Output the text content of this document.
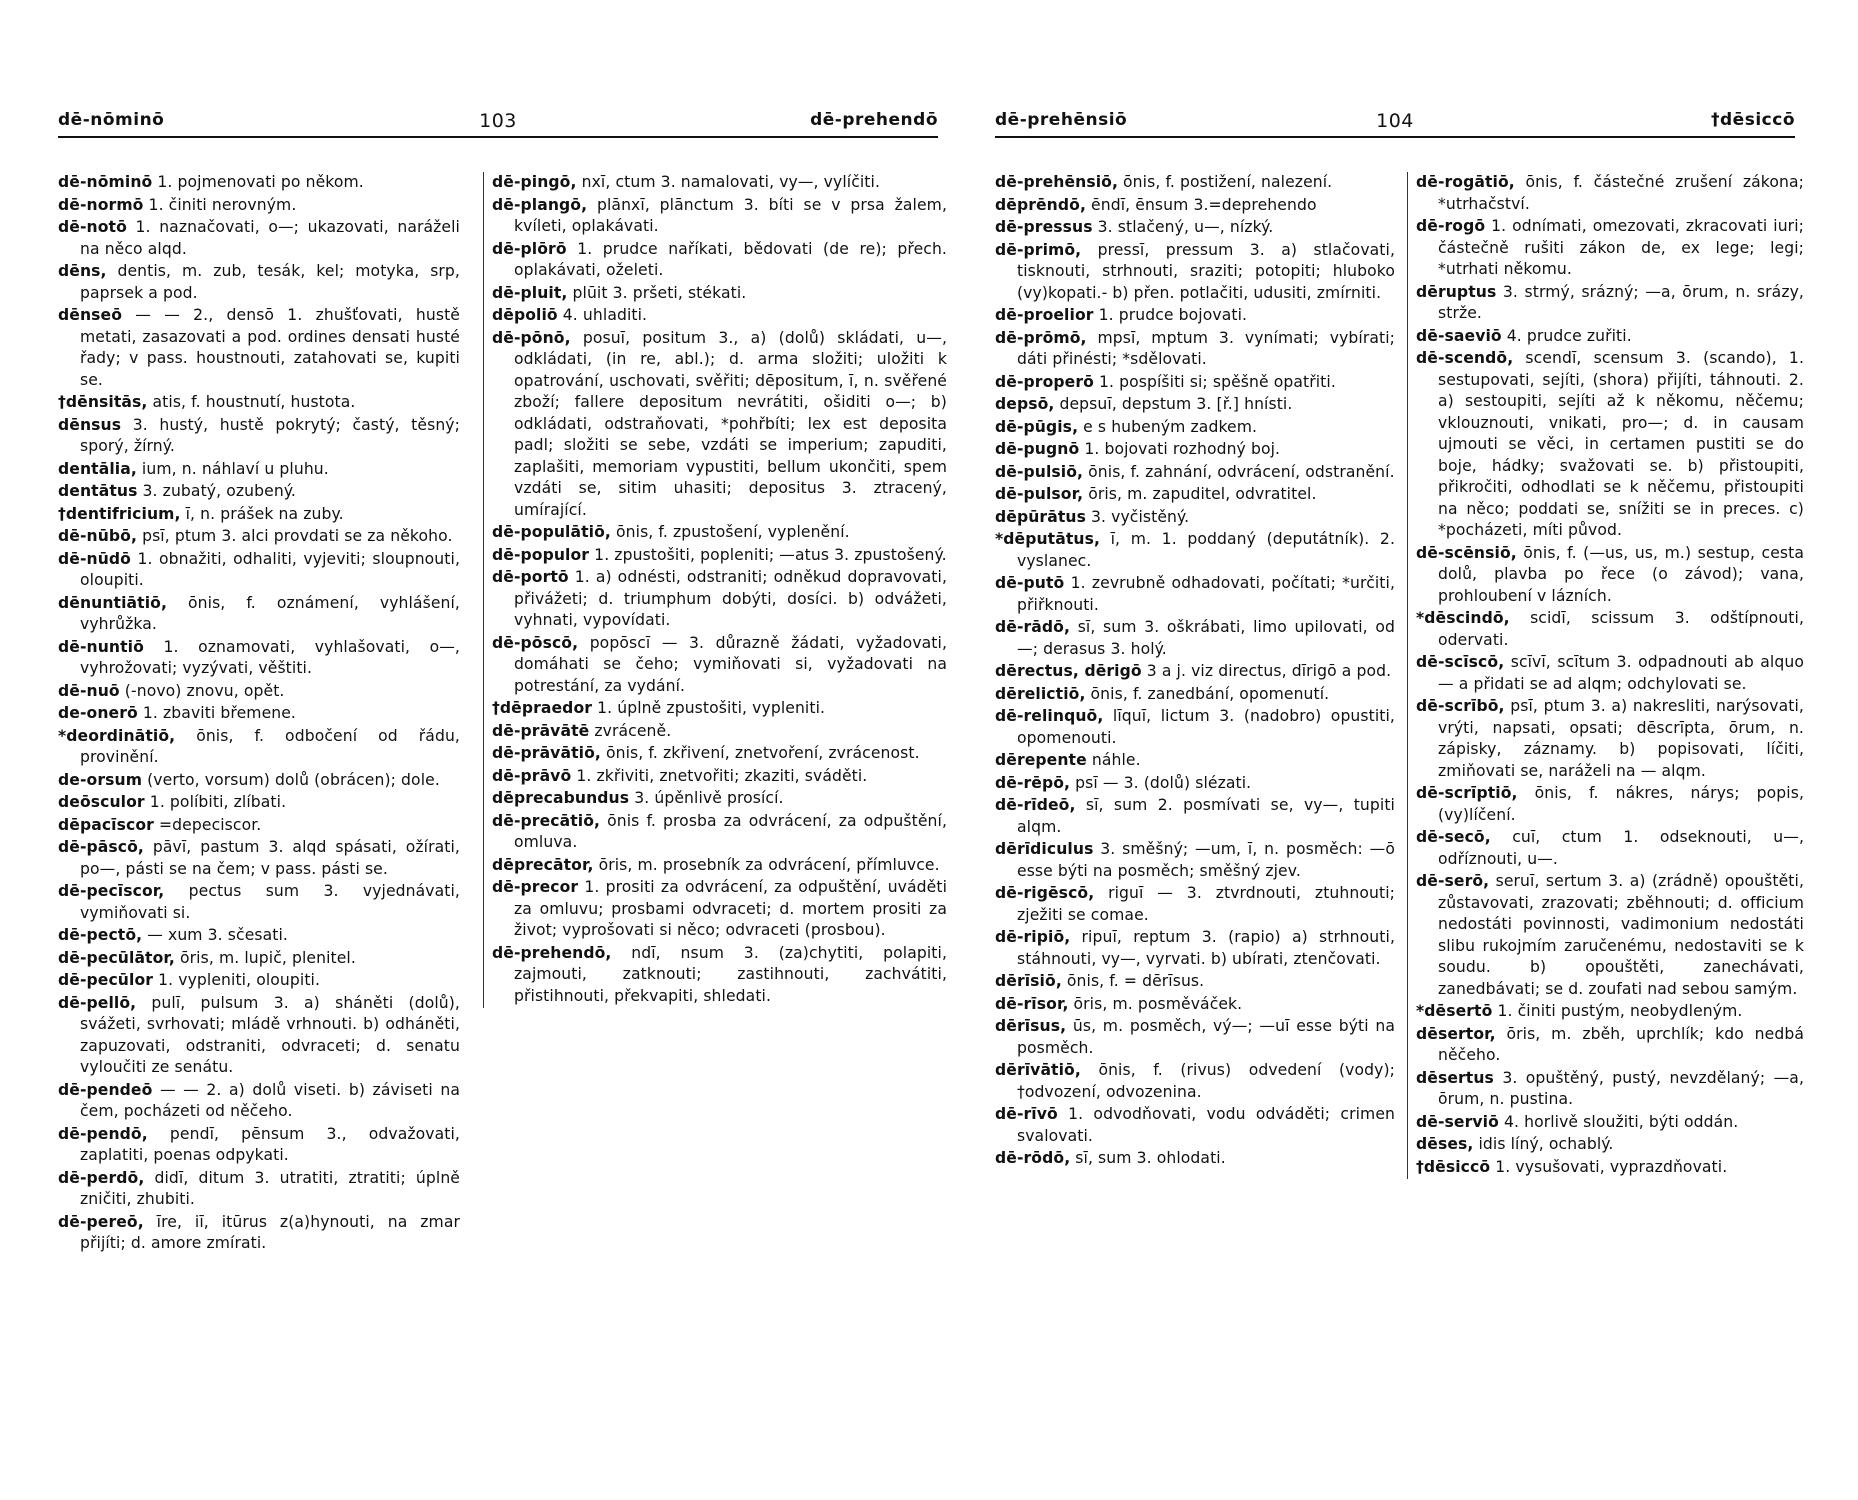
dē-nōminō	103	dē-prehendō
dē-nōminō 1. pojmenovati po někom.
dē-normō 1. činiti nerovným.
dē-notō 1. naznačovati, o—; ukazovati, naráželi na něco alqd.
dēns, dentis, m. zub, tesák, kel; motyka, srp, paprsek a pod.
dēnseō — — 2., densō 1. zhušťovati, hustě metati, zasazovati a pod. ordines densati husté řady; v pass. houstnouti, zatahovati se, kupiti se.
†dēnsitās, atis, f. houstnutí, hustota.
dēnsus 3. hustý, hustě pokrytý; častý, těsný; sporý, žírný.
dentālia, ium, n. náhlaví u pluhu.
dentātus 3. zubatý, ozubený.
†dentifricium, ī, n. prášek na zuby.
dē-nūbō, psī, ptum 3. alci provdati se za někoho.
dē-nūdō 1. obnažiti, odhaliti, vyjeviti; sloupnouti, oloupiti.
dēnuntiātiō, ōnis, f. oznámení, vyhlášení, vyhrůžka.
dē-nuntiō 1. oznamovati, vyhlašovati, o—, vyhrožovati; vyzývati, věštiti.
dē-nuō (-novo) znovu, opět.
de-onerō 1. zbaviti břemene.
*deordinātiō, ōnis, f. odbočení od řádu, provinění.
de-orsum (verto, vorsum) dolů (obrácen); dole.
deōsculor 1. políbiti, zlíbati.
dēpacīscor =depeciscor.
dē-pāscō, pāvī, pastum 3. alqd spásati, ožírati, po—, pásti se na čem; v pass. pásti se.
dē-pecīscor, pectus sum 3. vyjednávati, vymiňovati si.
dē-pectō, — xum 3. sčesati.
dē-pecūlātor, ōris, m. lupič, plenitel.
dē-pecūlor 1. vypleniti, oloupiti.
dē-pellō, pulī, pulsum 3. a) sháněti (dolů), svážeti, svrhovati; mládě vrhnouti. b) odháněti, zapuzovati, odstraniti, odvraceti; d. senatu vyloučiti ze senátu.
dē-pendeō — — 2. a) dolů viseti. b) záviseti na čem, pocházeti od něčeho.
dē-pendō, pendī, pēnsum 3., odvažovati, zaplatiti, poenas odpykati.
dē-perdō, didī, ditum 3. utratiti, ztratiti; úplně zničiti, zhubiti.
dē-pereō, īre, iī, itūrus z(a)hynouti, na zmar přijíti; d. amore zmírati.
dē-pingō, nxī, ctum 3. namalovati, vy—, vylíčiti.
dē-plangō, plānxī, plānctum 3. bíti se v prsa žalem, kvíleti, oplakávati.
dē-plōrō 1. prudce naříkati, bědovati (de re); přech. oplakávati, oželeti.
dē-pluit, plūit 3. pršeti, stékati.
dēpoliō 4. uhladiti.
dē-pōnō, posuī, positum 3., a) (dolů) skládati, u—, odkládati, (in re, abl.); d. arma složiti; uložiti k opatrování, uschovati, svěřiti; dēpositum, ī, n. svěřené zboží; fallere depositum nevrátiti, ošiditi o—; b) odkládati, odstraňovati, *pohřbíti; lex est deposita padl; složiti se sebe, vzdáti se imperium; zapuditi, zaplašiti, memoriam vypustiti, bellum ukončiti, spem vzdáti se, sitim uhasiti; depositus 3. ztracený, umírající.
dē-populātiō, ōnis, f. zpustošení, vyplenění.
dē-populor 1. zpustošiti, popleniti; —atus 3. zpustošený.
dē-portō 1. a) odnésti, odstraniti; odněkud dopravovati, přivážeti; d. triumphum dobýti, dosíci. b) odvážeti, vyhnati, vypovídati.
dē-pōscō, popōscī — 3. důrazně žádati, vyžadovati, domáhati se čeho; vymiňovati si, vyžadovati na potrestání, za vydání.
†dēpraedor 1. úplně zpustošiti, vypleniti.
dē-prāvātē zvráceně.
dē-prāvātiō, ōnis, f. zkřivení, znetvoření, zvrácenost.
dē-prāvō 1. zkřiviti, znetvořiti; zkaziti, sváděti.
dēprecabundus 3. úpěnlivě prosící.
dē-precātiō, ōnis f. prosba za odvrácení, za odpuštění, omluva.
dēprecātor, ōris, m. prosebník za odvrácení, přímluvce.
dē-precor 1. prositi za odvrácení, za odpuštění, uváděti za omluvu; prosbami odvraceti; d. mortem prositi za život; vyprošovati si něco; odvraceti (prosbou).
dē-prehendō, ndī, nsum 3. (za)chytiti, polapiti, zajmouti, zatknouti; zastihnouti, zachvátiti, přistihnouti, překvapiti, shledati.
dē-prehēnsiō	104	†dēsiccō
dē-prehēnsiō, ōnis, f. postižení, nalezení.
dēprēndō, ēndī, ēnsum 3.=deprehendo
dē-pressus 3. stlačený, u—, nízký.
dē-primō, pressī, pressum 3. a) stlačovati, tisknouti, strhnouti, sraziti; potopiti; hluboko (vy)kopati.- b) přen. potlačiti, udusiti, zmírniti.
dē-proelior 1. prudce bojovati.
dē-prōmō, mpsī, mptum 3. vynímati; vybírati; dáti přinésti; *sdělovati.
dē-properō 1. pospíšiti si; spěšně opatřiti.
depsō, depsuī, depstum 3. [ř.] hnísti.
dē-pūgis, e s hubeným zadkem.
dē-pugnō 1. bojovati rozhodný boj.
dē-pulsiō, ōnis, f. zahnání, odvrácení, odstranění.
dē-pulsor, ōris, m. zapuditel, odvratitel.
dēpūrātus 3. vyčistěný.
*dēputātus, ī, m. 1. poddaný (deputátník). 2. vyslanec.
dē-putō 1. zevrubně odhadovati, počítati; *určiti, přiřknouti.
dē-rādō, sī, sum 3. oškrábati, limo upilovati, od—; derasus 3. holý.
dērectus, dērigō 3 a j. viz directus, dīrigō a pod.
dērelictiō, ōnis, f. zanedbání, opomenutí.
dē-relinquō, līquī, lictum 3. (nadobro) opustiti, opomenouti.
dērepente náhle.
dē-rēpō, psī — 3. (dolů) slézati.
dē-rīdeō, sī, sum 2. posmívati se, vy—, tupiti alqm.
dērīdiculus 3. směšný; —um, ī, n. posměch: —ō esse býti na posměch; směšný zjev.
dē-rigēscō, riguī — 3. ztvrdnouti, ztuhnouti; zježiti se comae.
dē-ripiō, ripuī, reptum 3. (rapio) a) strhnouti, stáhnouti, vy—, vyrvati. b) ubírati, ztenčovati.
dērīsiō, ōnis, f. = dērīsus.
dē-rīsor, ōris, m. posměváček.
dērīsus, ūs, m. posměch, vý—; —uī esse býti na posměch.
dērīvātiō, ōnis, f. (rivus) odvedení (vody); †odvození, odvozenina.
dē-rīvō 1. odvodňovati, vodu odváděti; crimen svalovati.
dē-rōdō, sī, sum 3. ohlodati.
dē-rogātiō, ōnis, f. částečné zrušení zákona; *utrhačství.
dē-rogō 1. odnímati, omezovati, zkracovati iuri; částečně rušiti zákon de, ex lege; legi; *utrhati někomu.
dēruptus 3. strmý, srázný; —a, ōrum, n. srázy, strže.
dē-saeviō 4. prudce zuřiti.
dē-scendō, scendī, scensum 3. (scando), 1. sestupovati, sejíti, (shora) přijíti, táhnouti. 2. a) sestoupiti, sejíti až k někomu, něčemu; vklouznouti, vnikati, pro—; d. in causam ujmouti se věci, in certamen pustiti se do boje, hádky; svažovati se. b) přistoupiti, přikročiti, odhodlati se k něčemu, přistoupiti na něco; poddati se, snížiti se in preces. c) *pocházeti, míti původ.
dē-scēnsiō, ōnis, f. (—us, us, m.) sestup, cesta dolů, plavba po řece (o závod); vana, prohloubení v lázních.
*dēscindō, scidī, scissum 3. odštípnouti, odervati.
dē-scīscō, scīvī, scītum 3. odpadnouti ab alquo — a přidati se ad alqm; odchylovati se.
dē-scrībō, psī, ptum 3. a) nakresliti, narýsovati, vrýti, napsati, opsati; dēscrīpta, ōrum, n. zápisky, záznamy. b) popisovati, líčiti, zmiňovati se, naráželi na — alqm.
dē-scrīptiō, ōnis, f. nákres, nárys; popis, (vy)líčení.
dē-secō, cuī, ctum 1. odseknouti, u—, odříznouti, u—.
dē-serō, seruī, sertum 3. a) (zrádně) opouštěti, zůstavovati, zrazovati; zběhnouti; d. officium nedostáti povinnosti, vadimonium nedostáti slibu rukojmím zaručenému, nedostaviti se k soudu. b) opouštěti, zanechávati, zanedbávati; se d. zoufati nad sebou samým.
*dēsertō 1. činiti pustým, neobydleným.
dēsertor, ōris, m. zběh, uprchlík; kdo nedbá něčeho.
dēsertus 3. opuštěný, pustý, nevzdělaný; —a, ōrum, n. pustina.
dē-serviō 4. horlivě sloužiti, býti oddán.
dēses, idis líný, ochablý.
†dēsiccō 1. vysušovati, vyprazdňovati.
